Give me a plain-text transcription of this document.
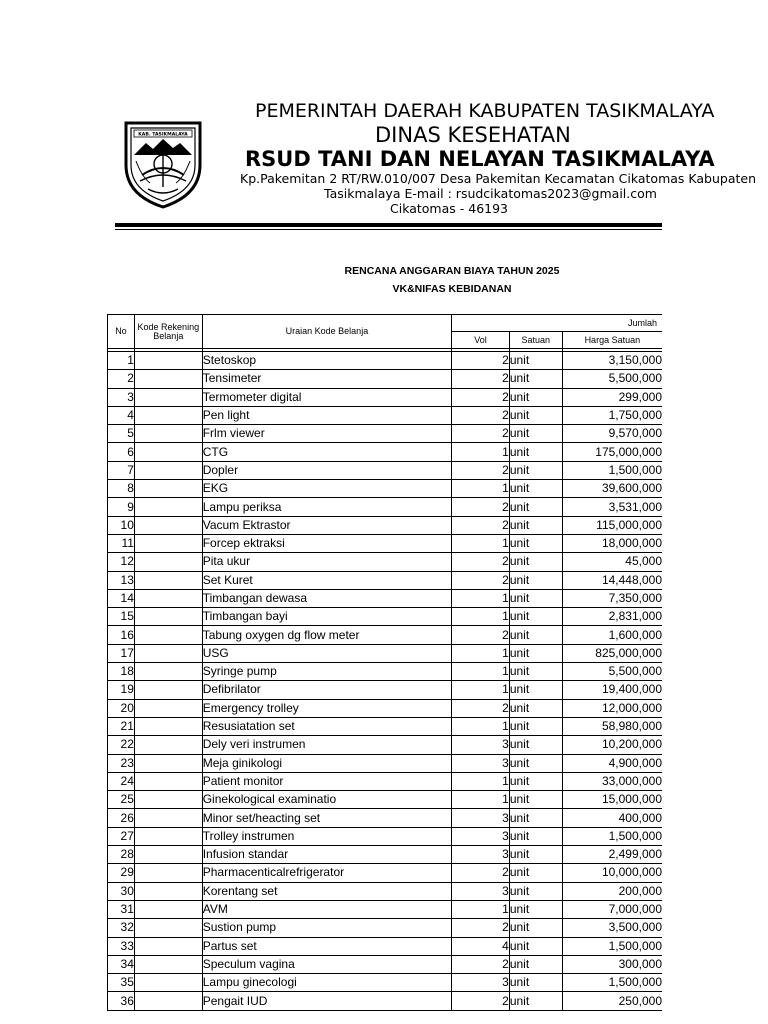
KAB. TASIKMALAYA
PEMERINTAH DAERAH KABUPATEN TASIKMALAYA
DINAS KESEHATAN
RSUD TANI DAN NELAYAN TASIKMALAYA
Kp.Pakemitan 2 RT/RW.010/007 Desa Pakemitan Kecamatan Cikatomas Kabupaten
Tasikmalaya E-mail : rsudcikatomas2023@gmail.com
Cikatomas - 46193
RENCANA ANGGARAN BIAYA TAHUN 2025
VK&NIFAS KEBIDANAN
No	Kode Rekening Belanja	Uraian Kode Belanja	Jumlah		
			Vol	Satuan	Harga Satuan

1		Stetoskop	2	unit	3,150,000
2		Tensimeter	2	unit	5,500,000
3		Termometer digital	2	unit	299,000
4		Pen light	2	unit	1,750,000
5		Frlm viewer	2	unit	9,570,000
6		CTG	1	unit	175,000,000
7		Dopler	2	unit	1,500,000
8		EKG	1	unit	39,600,000
9		Lampu periksa	2	unit	3,531,000
10		Vacum Ektrastor	2	unit	115,000,000
11		Forcep ektraksi	1	unit	18,000,000
12		Pita ukur	2	unit	45,000
13		Set Kuret	2	unit	14,448,000
14		Timbangan dewasa	1	unit	7,350,000
15		Timbangan bayi	1	unit	2,831,000
16		Tabung oxygen dg flow meter	2	unit	1,600,000
17		USG	1	unit	825,000,000
18		Syringe pump	1	unit	5,500,000
19		Defibrilator	1	unit	19,400,000
20		Emergency trolley	2	unit	12,000,000
21		Resusiatation set	1	unit	58,980,000
22		Dely veri instrumen	3	unit	10,200,000
23		Meja ginikologi	3	unit	4,900,000
24		Patient monitor	1	unit	33,000,000
25		Ginekological examinatio	1	unit	15,000,000
26		Minor set/heacting set	3	unit	400,000
27		Trolley instrumen	3	unit	1,500,000
28		Infusion standar	3	unit	2,499,000
29		Pharmacenticalrefrigerator	2	unit	10,000,000
30		Korentang set	3	unit	200,000
31		AVM	1	unit	7,000,000
32		Sustion pump	2	unit	3,500,000
33		Partus set	4	unit	1,500,000
34		Speculum vagina	2	unit	300,000
35		Lampu ginecologi	3	unit	1,500,000
36		Pengait IUD	2	unit	250,000
